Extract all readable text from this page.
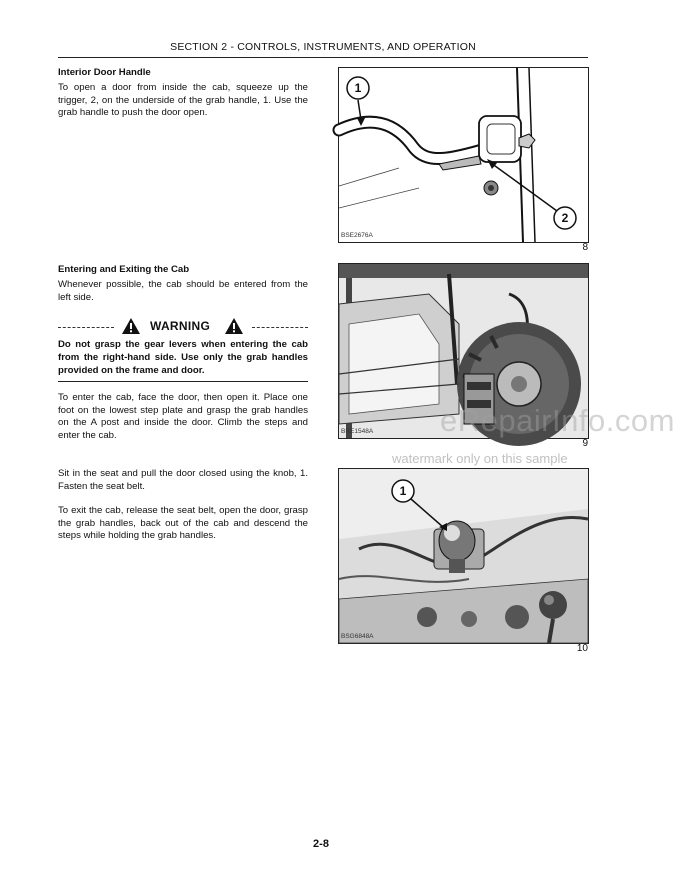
SECTION 2 - CONTROLS, INSTRUMENTS, AND OPERATION
Interior Door Handle
To open a door from inside the cab, squeeze up the trigger, 2, on the underside of the grab handle, 1. Use the grab handle to push the door open.
Entering and Exiting the Cab
Whenever possible, the cab should be entered from the left side.
WARNING
Do not grasp the gear levers when entering the cab from the right-hand side. Use only the grab handles provided on the frame and door.
To enter the cab, face the door, then open it. Place one foot on the lowest step plate and grasp the grab handles on the A post and inside the door. Climb the steps and enter the cab.
Sit in the seat and pull the door closed using the knob, 1. Fasten the seat belt.
To exit the cab, release the seat belt, open the door, grasp the grab handles, back out of the cab and descend the steps while holding the grab handles.
1
2
BSE2676A
8
BRE1548A
9
1
BSG6848A
10
eRepairInfo.com
watermark only on this sample
2-8
